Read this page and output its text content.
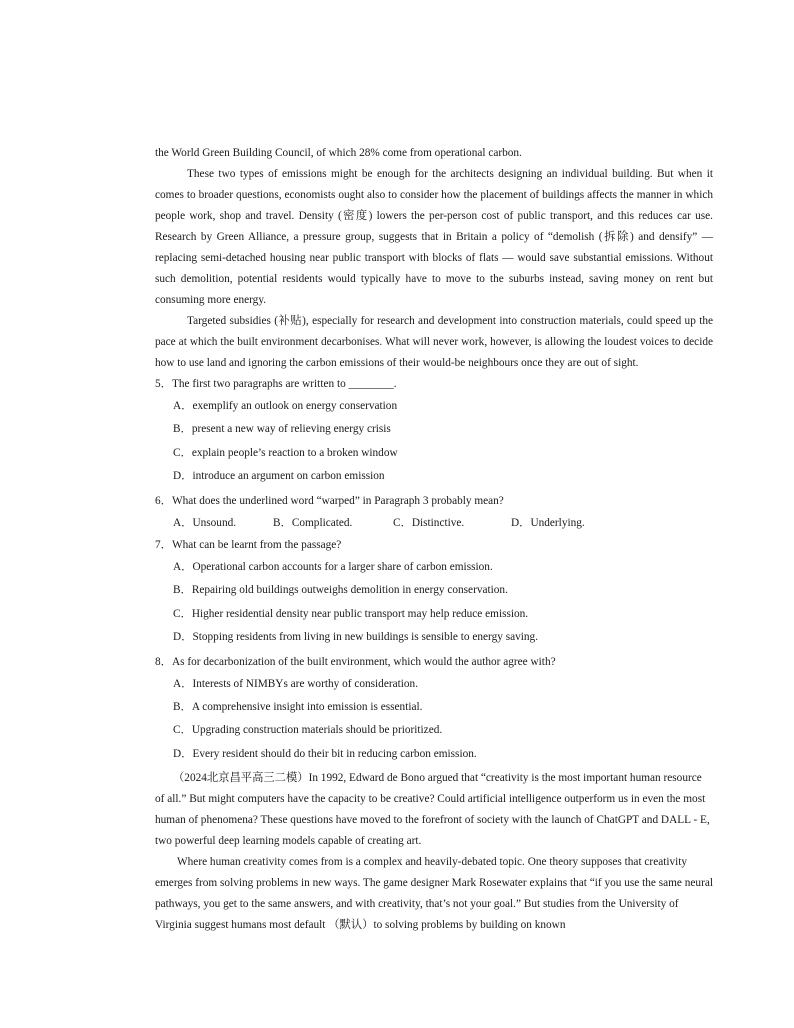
the World Green Building Council, of which 28% come from operational carbon.

These two types of emissions might be enough for the architects designing an individual building. But when it comes to broader questions, economists ought also to consider how the placement of buildings affects the manner in which people work, shop and travel. Density (密度) lowers the per-person cost of public transport, and this reduces car use. Research by Green Alliance, a pressure group, suggests that in Britain a policy of “demolish (拆除) and densify” — replacing semi-detached housing near public transport with blocks of flats — would save substantial emissions. Without such demolition, potential residents would typically have to move to the suburbs instead, saving money on rent but consuming more energy.

Targeted subsidies (补贴), especially for research and development into construction materials, could speed up the pace at which the built environment decarbonises. What will never work, however, is allowing the loudest voices to decide how to use land and ignoring the carbon emissions of their would-be neighbours once they are out of sight.

5．The first two paragraphs are written to ________.

A．exemplify an outlook on energy conservation

B．present a new way of relieving energy crisis

C．explain people’s reaction to a broken window

D．introduce an argument on carbon emission

6．What does the underlined word “warped” in Paragraph 3 probably mean?

A．Unsound.	B．Complicated.	C．Distinctive.	D．Underlying.

7．What can be learnt from the passage?

A．Operational carbon accounts for a larger share of carbon emission.

B．Repairing old buildings outweighs demolition in energy conservation.

C．Higher residential density near public transport may help reduce emission.

D．Stopping residents from living in new buildings is sensible to energy saving.

8．As for decarbonization of the built environment, which would the author agree with?

A．Interests of NIMBYs are worthy of consideration.

B．A comprehensive insight into emission is essential.

C．Upgrading construction materials should be prioritized.

D．Every resident should do their bit in reducing carbon emission.

（2024北京昌平高三二模）In 1992, Edward de Bono argued that “creativity is the most important human resource of all.” But might computers have the capacity to be creative? Could artificial intelligence outperform us in even the most human of phenomena? These questions have moved to the forefront of society with the launch of ChatGPT and DALL - E, two powerful deep learning models capable of creating art.

Where human creativity comes from is a complex and heavily-debated topic. One theory supposes that creativity emerges from solving problems in new ways. The game designer Mark Rosewater explains that “if you use the same neural pathways, you get to the same answers, and with creativity, that’s not your goal.” But studies from the University of Virginia suggest humans most default （默认）to solving problems by building on known
